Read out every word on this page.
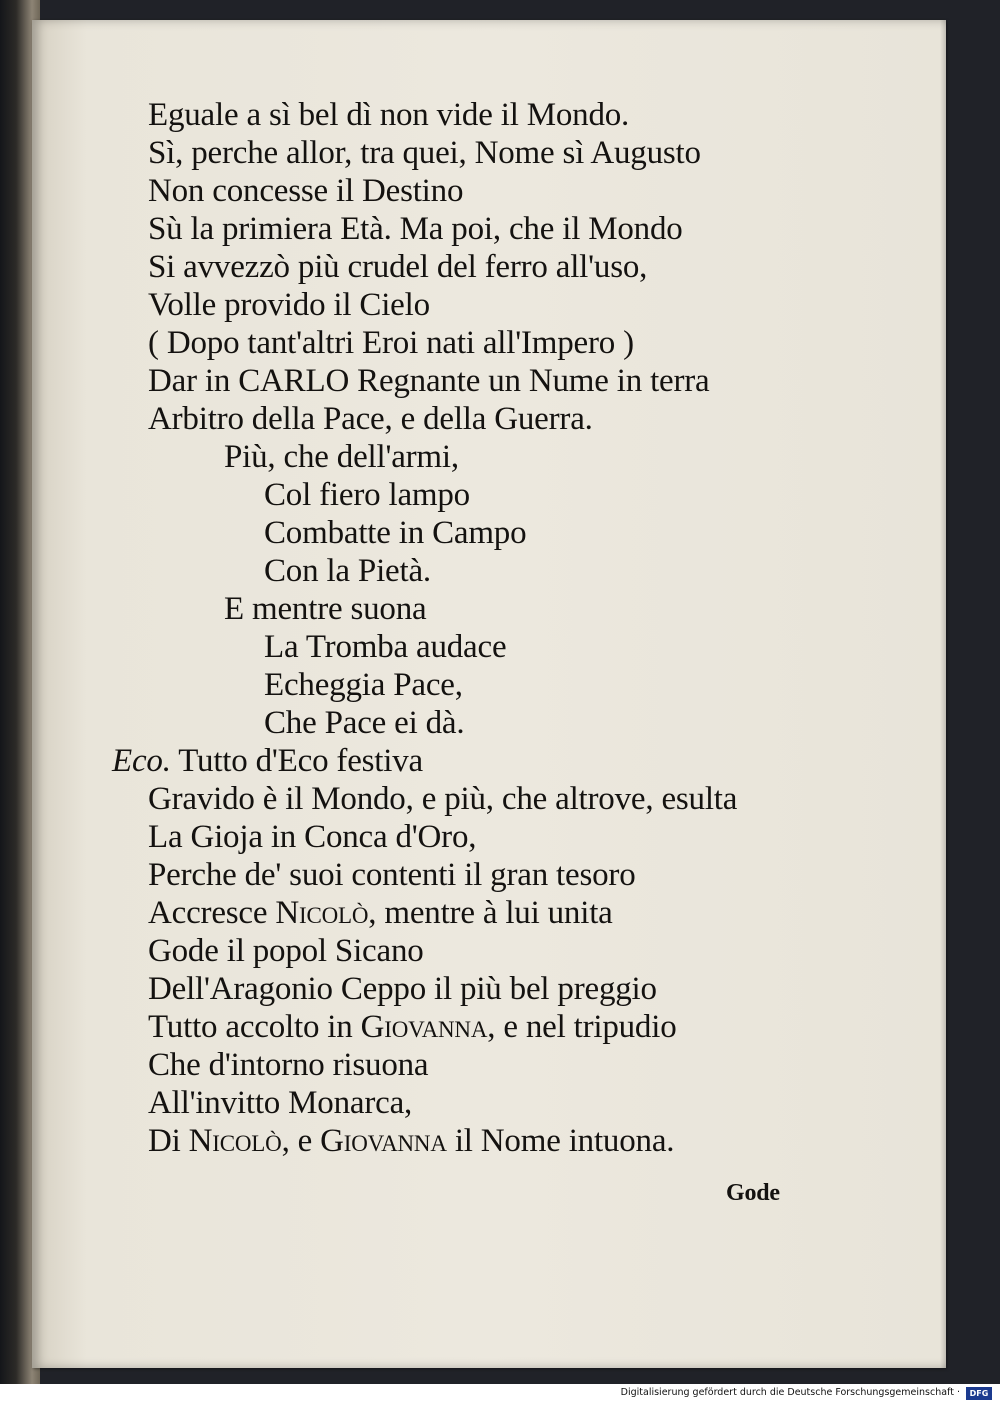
Eguale a sì bel dì non vide il Mondo.
Sì, perche allor, tra quei, Nome sì Augusto
Non concesse il Destino
Sù la primiera Età. Ma poi, che il Mondo
Si avvezzò più crudel del ferro all'uso,
Volle provido il Cielo
( Dopo tant'altri Eroi nati all'Impero )
Dar in CARLO Regnante un Nume in terra
Arbitro della Pace, e della Guerra.
Più, che dell'armi,
Col fiero lampo
Combatte in Campo
Con la Pietà.
E mentre suona
La Tromba audace
Echeggia Pace,
Che Pace ei dà.
Eco. Tutto d'Eco festiva
Gravido è il Mondo, e più, che altrove, esulta
La Gioja in Conca d'Oro,
Perche de' suoi contenti il gran tesoro
Accresce Nicolò, mentre à lui unita
Gode il popol Sicano
Dell'Aragonio Ceppo il più bel preggio
Tutto accolto in Giovanna, e nel tripudio
Che d'intorno risuona
All'invitto Monarca,
Di Nicolò, e Giovanna il Nome intuona.
Gode
Digitalisierung gefördert durch die Deutsche Forschungsgemeinschaft ·	DFG
